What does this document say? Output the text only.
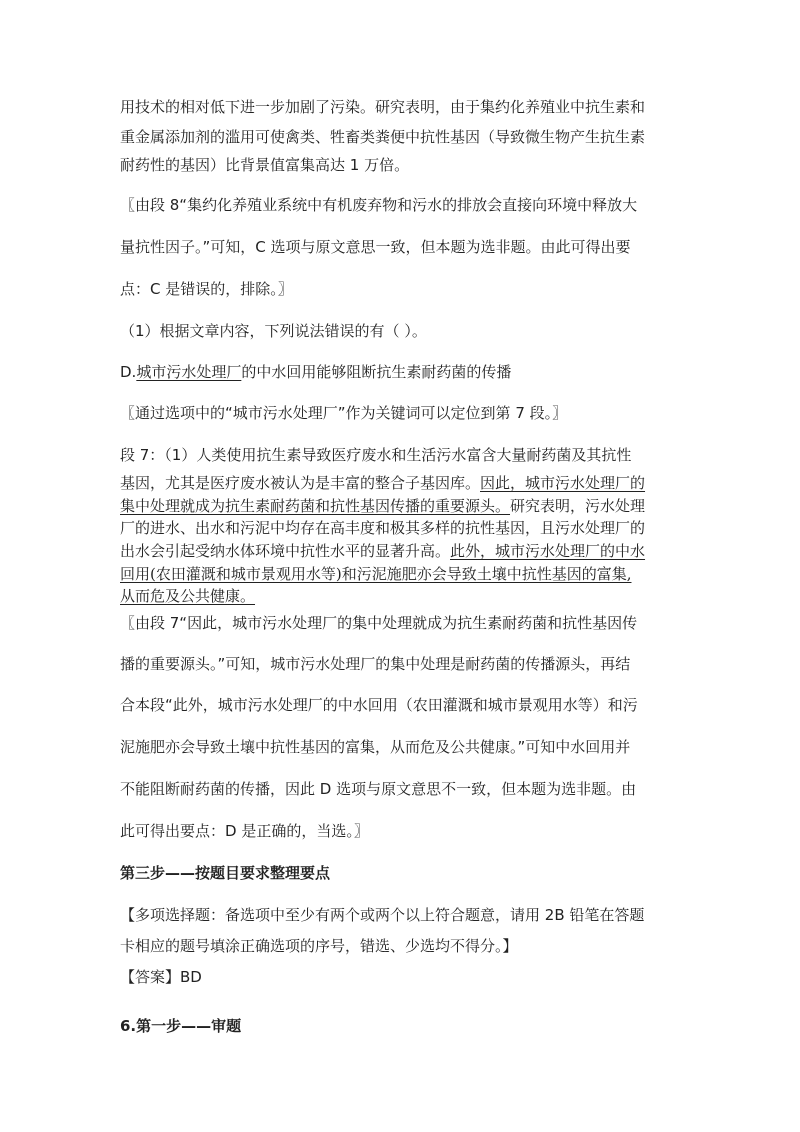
用技术的相对低下进一步加剧了污染。研究表明，由于集约化养殖业中抗生素和
重金属添加剂的滥用可使禽类、牲畜类粪便中抗性基因（导致微生物产生抗生素
耐药性的基因）比背景值富集高达 1 万倍。
〖由段 8“集约化养殖业系统中有机废弃物和污水的排放会直接向环境中释放大
量抗性因子。”可知，C 选项与原文意思一致，但本题为选非题。由此可得出要
点：C 是错误的，排除。〗
（1）根据文章内容，下列说法错误的有（ ）。
D.城市污水处理厂的中水回用能够阻断抗生素耐药菌的传播
〖通过选项中的“城市污水处理厂”作为关键词可以定位到第 7 段。〗
段 7：（1）人类使用抗生素导致医疗废水和生活污水富含大量耐药菌及其抗性
基因，尤其是医疗废水被认为是丰富的整合子基因库。因此，城市污水处理厂的
集中处理就成为抗生素耐药菌和抗性基因传播的重要源头。研究表明，污水处理
厂的进水、出水和污泥中均存在高丰度和极其多样的抗性基因，且污水处理厂的
出水会引起受纳水体环境中抗性水平的显著升高。此外，城市污水处理厂的中水
回用(农田灌溉和城市景观用水等)和污泥施肥亦会导致土壤中抗性基因的富集,
从而危及公共健康。
〖由段 7“因此，城市污水处理厂的集中处理就成为抗生素耐药菌和抗性基因传
播的重要源头。”可知，城市污水处理厂的集中处理是耐药菌的传播源头，再结
合本段“此外，城市污水处理厂的中水回用（农田灌溉和城市景观用水等）和污
泥施肥亦会导致土壤中抗性基因的富集，从而危及公共健康。”可知中水回用并
不能阻断耐药菌的传播，因此 D 选项与原文意思不一致，但本题为选非题。由
此可得出要点：D 是正确的，当选。〗
第三步——按题目要求整理要点
【多项选择题：备选项中至少有两个或两个以上符合题意，请用 2B 铅笔在答题
卡相应的题号填涂正确选项的序号，错选、少选均不得分。】
【答案】BD
6.第一步——审题
